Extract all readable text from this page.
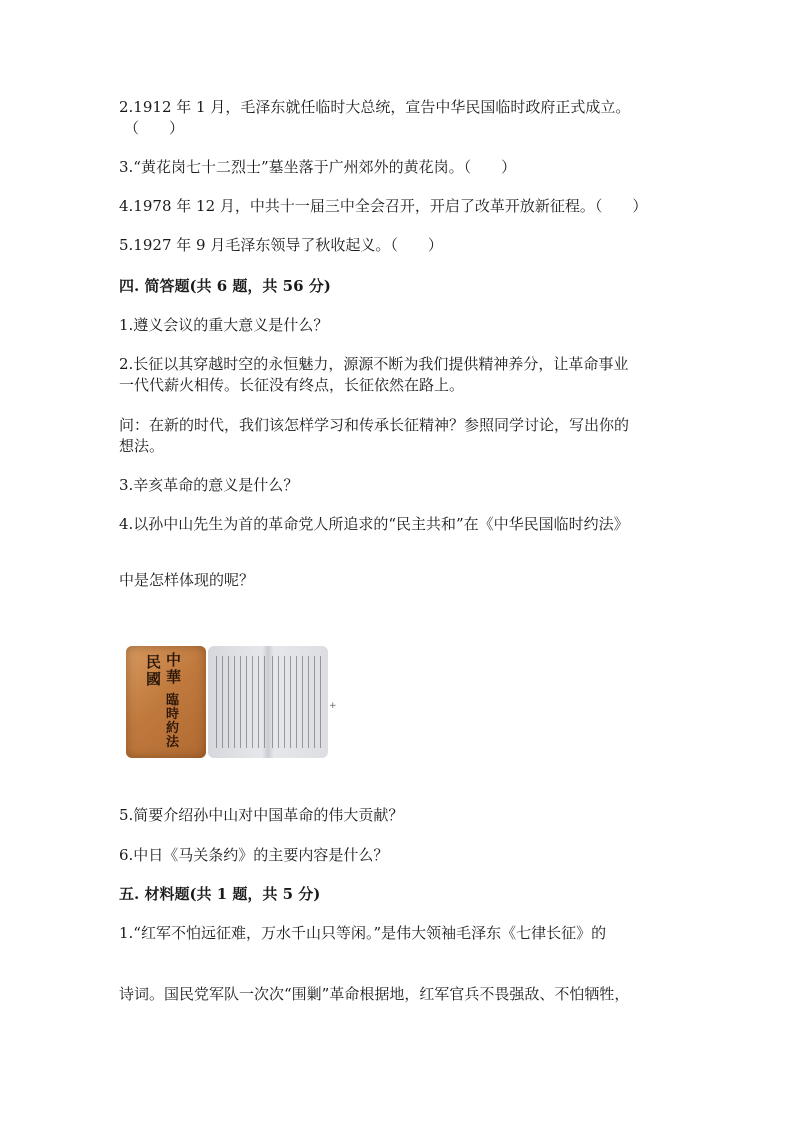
2.1912 年 1 月，毛泽东就任临时大总统，宣告中华民国临时政府正式成立。
（　　）
3.“黄花岗七十二烈士”墓坐落于广州郊外的黄花岗。（　　）
4.1978 年 12 月，中共十一届三中全会召开，开启了改革开放新征程。（　　）
5.1927 年 9 月毛泽东领导了秋收起义。（　　）
四. 简答题(共 6 题，共 56 分)
1.遵义会议的重大意义是什么？
2.长征以其穿越时空的永恒魅力，源源不断为我们提供精神养分，让革命事业
一代代薪火相传。长征没有终点，长征依然在路上。
问：在新的时代，我们该怎样学习和传承长征精神？参照同学讨论，写出你的
想法。
3.辛亥革命的意义是什么？
4.以孙中山先生为首的革命党人所追求的“民主共和”在《中华民国临时约法》
中是怎样体现的呢？
中華
民國
臨時約法
+
5.简要介绍孙中山对中国革命的伟大贡献？
6.中日《马关条约》的主要内容是什么？
五. 材料题(共 1 题，共 5 分)
1.“红军不怕远征难，万水千山只等闲。”是伟大领袖毛泽东《七律长征》的
诗词。国民党军队一次次“围剿”革命根据地，红军官兵不畏强敌、不怕牺牲，
